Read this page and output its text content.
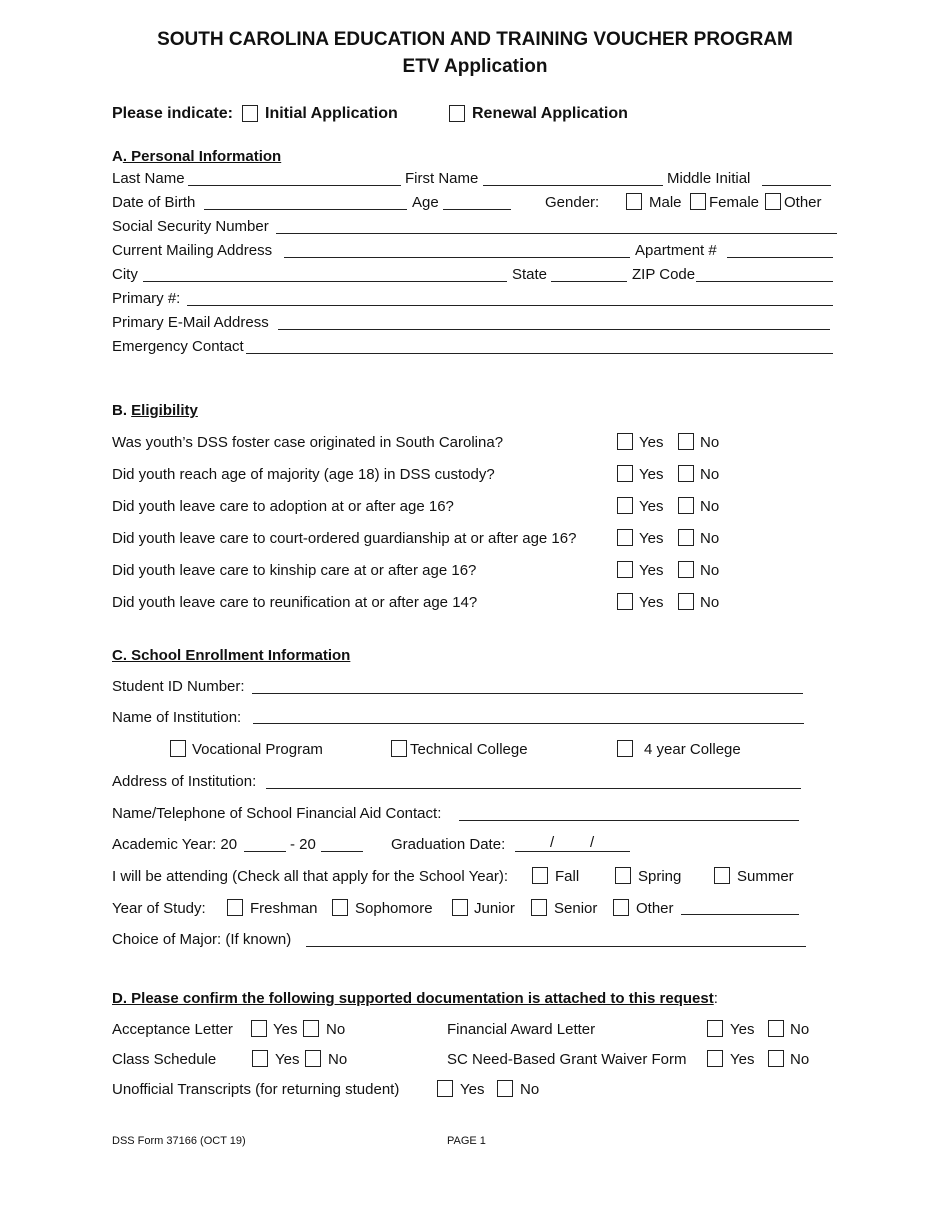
SOUTH CAROLINA EDUCATION AND TRAINING VOUCHER PROGRAM
ETV Application
Please indicate: Initial Application	Renewal Application
A. Personal Information
Last Name	First Name	Middle Initial
Date of Birth	Age	Gender:	Male Female Other
Social Security Number
Current Mailing Address	Apartment #
City	State	ZIP Code
Primary #:
Primary E-Mail Address
Emergency Contact
B. Eligibility
Was youth’s DSS foster case originated in South Carolina?	Yes No
Did youth reach age of majority (age 18) in DSS custody?	Yes No
Did youth leave care to adoption at or after age 16?	Yes No
Did youth leave care to court-ordered guardianship at or after age 16?	Yes No
Did youth leave care to kinship care at or after age 16?	Yes No
Did youth leave care to reunification at or after age 14?	Yes No
C. School Enrollment Information
Student ID Number:
Name of Institution:
Vocational Program	Technical College	4 year College
Address of Institution:
Name/Telephone of School Financial Aid Contact:
Academic Year: 20	- 20	Graduation Date:	/ /
I will be attending (Check all that apply for the School Year):	Fall	Spring	Summer
Year of Study:	Freshman Sophomore	Junior	Senior	Other
Choice of Major: (If known)
D. Please confirm the following supported documentation is attached to this request:
Acceptance Letter	Yes No	Financial Award Letter	Yes No
Class Schedule	Yes No	SC Need-Based Grant Waiver Form	Yes No
Unofficial Transcripts (for returning student)	Yes No
DSS Form 37166 (OCT 19)	PAGE 1
